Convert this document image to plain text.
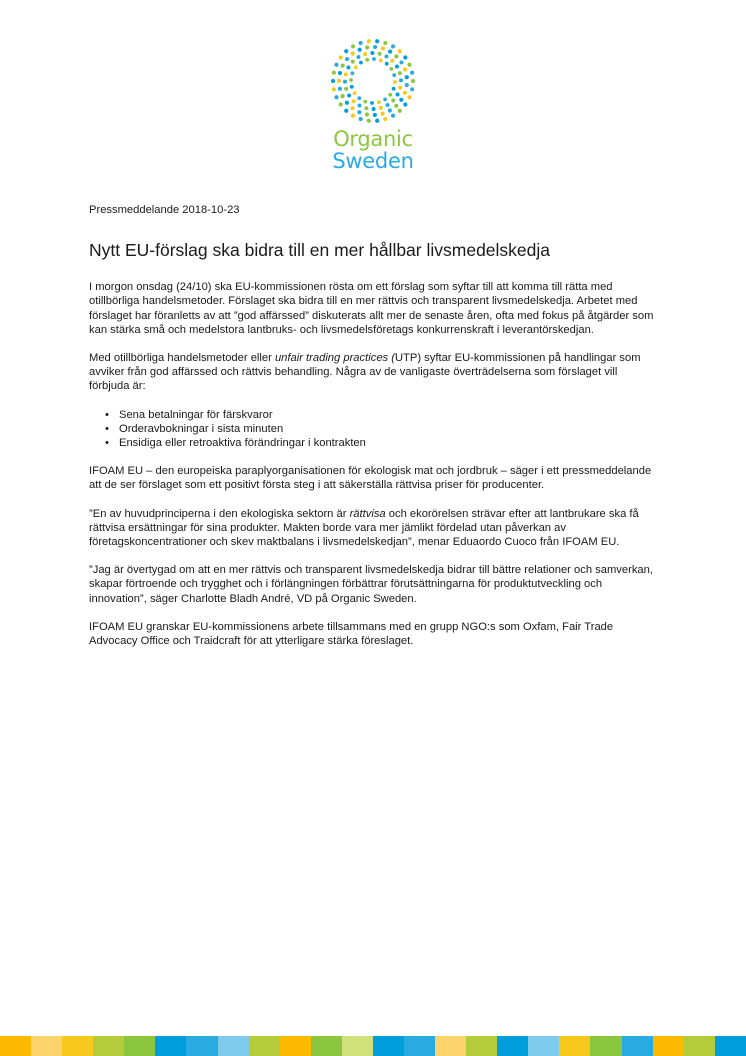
Organic
Sweden

Pressmeddelande 2018-10-23

Nytt EU-förslag ska bidra till en mer hållbar livsmedelskedja

I morgon onsdag (24/10) ska EU-kommissionen rösta om ett förslag som syftar till att komma till rätta med otillbörliga handelsmetoder. Förslaget ska bidra till en mer rättvis och transparent livsmedelskedja. Arbetet med förslaget har föranletts av att ”god affärssed” diskuterats allt mer de senaste åren, ofta med fokus på åtgärder som kan stärka små och medelstora lantbruks- och livsmedelsföretags konkurrenskraft i leverantörskedjan.

Med otillbörliga handelsmetoder eller unfair trading practices (UTP) syftar EU-kommissionen på handlingar som avviker från god affärssed och rättvis behandling. Några av de vanligaste överträdelserna som förslaget vill förbjuda är:

• Sena betalningar för färskvaror
• Orderavbokningar i sista minuten
• Ensidiga eller retroaktiva förändringar i kontrakten

IFOAM EU – den europeiska paraplyorganisationen för ekologisk mat och jordbruk – säger i ett pressmeddelande att de ser förslaget som ett positivt första steg i att säkerställa rättvisa priser för producenter.

”En av huvudprinciperna i den ekologiska sektorn är rättvisa och ekorörelsen strävar efter att lantbrukare ska få rättvisa ersättningar för sina produkter. Makten borde vara mer jämlikt fördelad utan påverkan av företagskoncentrationer och skev maktbalans i livsmedelskedjan”, menar Eduaordo Cuoco från IFOAM EU.

”Jag är övertygad om att en mer rättvis och transparent livsmedelskedja bidrar till bättre relationer och samverkan, skapar förtroende och trygghet och i förlängningen förbättrar förutsättningarna för produktutveckling och innovation”, säger Charlotte Bladh André, VD på Organic Sweden.

IFOAM EU granskar EU-kommissionens arbete tillsammans med en grupp NGO:s som Oxfam, Fair Trade Advocacy Office och Traidcraft för att ytterligare stärka föreslaget.
